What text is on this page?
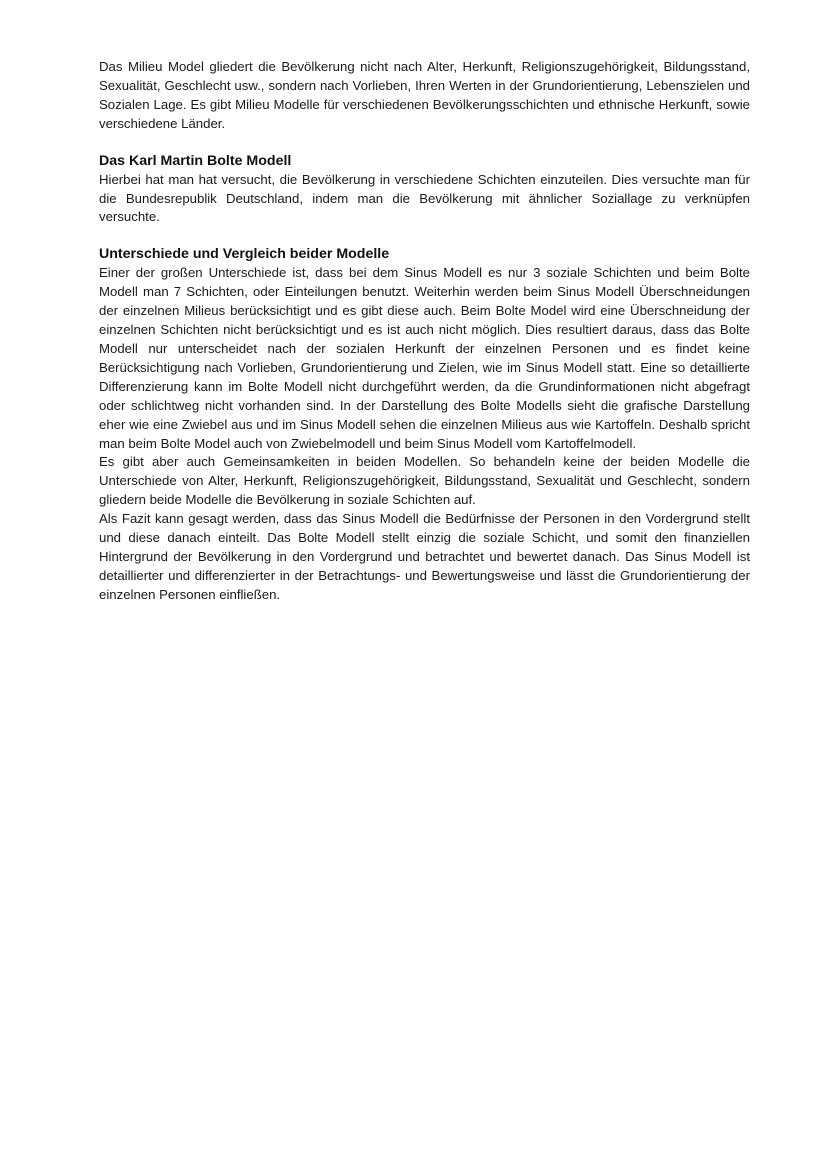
Das Milieu Model gliedert die Bevölkerung nicht nach Alter, Herkunft, Religionszugehörigkeit, Bildungsstand, Sexualität, Geschlecht usw., sondern nach Vorlieben, Ihren Werten in der Grundorientierung, Lebenszielen und Sozialen Lage. Es gibt Milieu Modelle für verschiedenen Bevölkerungsschichten und ethnische Herkunft, sowie verschiedene Länder.

Das Karl Martin Bolte Modell

Hierbei hat man hat versucht, die Bevölkerung in verschiedene Schichten einzuteilen. Dies versuchte man für die Bundesrepublik Deutschland, indem man die Bevölkerung mit ähnlicher Soziallage zu verknüpfen versuchte.

Unterschiede und Vergleich beider Modelle

Einer der großen Unterschiede ist, dass bei dem Sinus Modell es nur 3 soziale Schichten und beim Bolte Modell man 7 Schichten, oder Einteilungen benutzt. Weiterhin werden beim Sinus Modell Überschneidungen der einzelnen Milieus berücksichtigt und es gibt diese auch. Beim Bolte Model wird eine Überschneidung der einzelnen Schichten nicht berücksichtigt und es ist auch nicht möglich. Dies resultiert daraus, dass das Bolte Modell nur unterscheidet nach der sozialen Herkunft der einzelnen Personen und es findet keine Berücksichtigung nach Vorlieben, Grundorientierung und Zielen, wie im Sinus Modell statt. Eine so detaillierte Differenzierung kann im Bolte Modell nicht durchgeführt werden, da die Grundinformationen nicht abgefragt oder schlichtweg nicht vorhanden sind. In der Darstellung des Bolte Modells sieht die grafische Darstellung eher wie eine Zwiebel aus und im Sinus Modell sehen die einzelnen Milieus aus wie Kartoffeln. Deshalb spricht man beim Bolte Model auch von Zwiebelmodell und beim Sinus Modell vom Kartoffelmodell.

Es gibt aber auch Gemeinsamkeiten in beiden Modellen. So behandeln keine der beiden Modelle die Unterschiede von Alter, Herkunft, Religionszugehörigkeit, Bildungsstand, Sexualität und Geschlecht, sondern gliedern beide Modelle die Bevölkerung in soziale Schichten auf.

Als Fazit kann gesagt werden, dass das Sinus Modell die Bedürfnisse der Personen in den Vordergrund stellt und diese danach einteilt. Das Bolte Modell stellt einzig die soziale Schicht, und somit den finanziellen Hintergrund der Bevölkerung in den Vordergrund und betrachtet und bewertet danach. Das Sinus Modell ist detaillierter und differenzierter in der Betrachtungs- und Bewertungsweise und lässt die Grundorientierung der einzelnen Personen einfließen.
